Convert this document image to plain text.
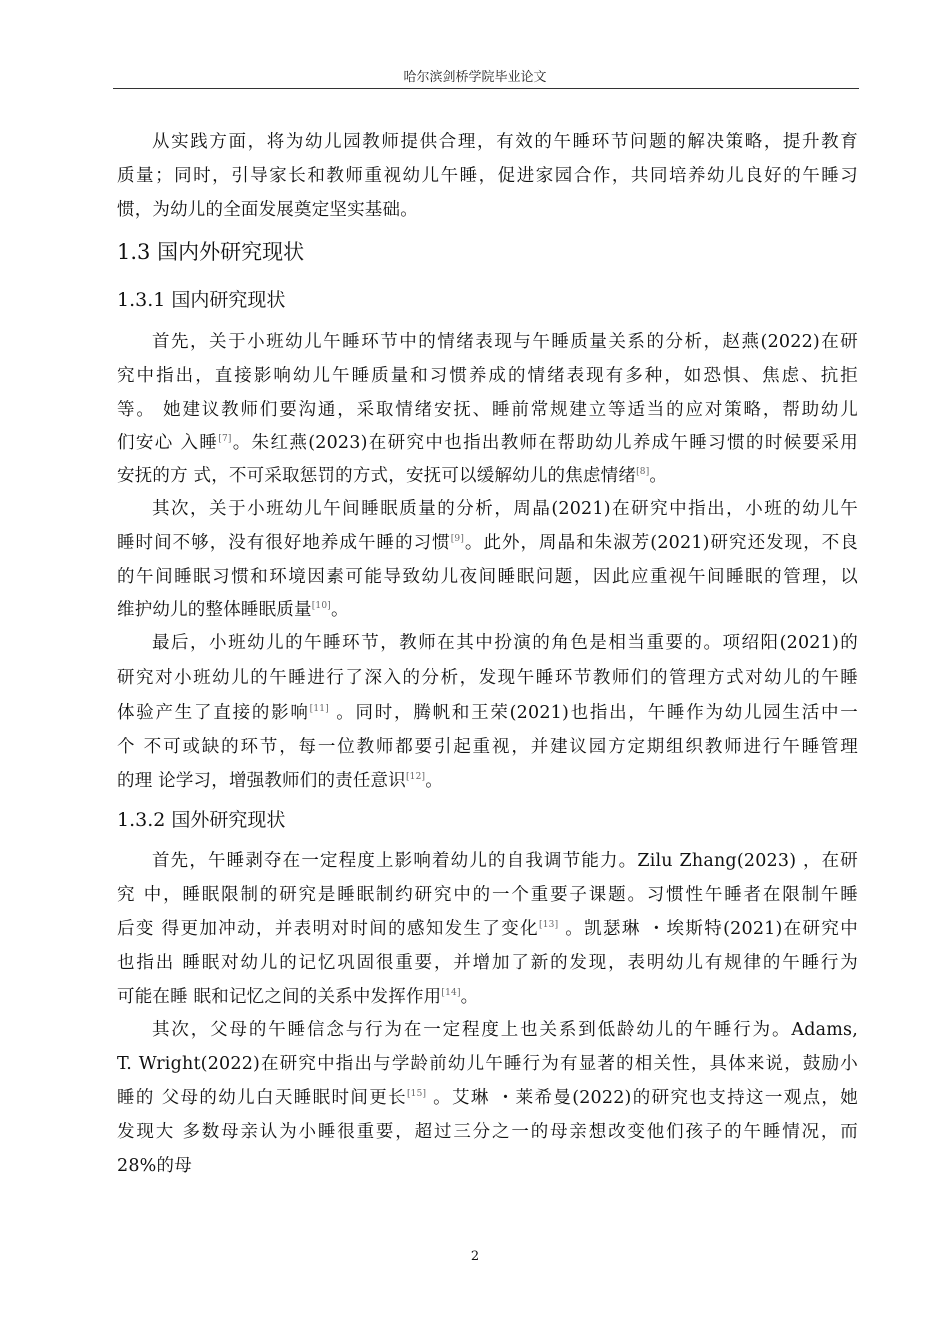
哈尔滨剑桥学院毕业论文
从实践方面，将为幼儿园教师提供合理，有效的午睡环节问题的解决策略，提升教育
质量；同时，引导家长和教师重视幼儿午睡，促进家园合作，共同培养幼儿良好的午睡习
惯，为幼儿的全面发展奠定坚实基础。
1.3 国内外研究现状
1.3.1 国内研究现状
首先，关于小班幼儿午睡环节中的情绪表现与午睡质量关系的分析，赵燕(2022)在研
究中指出，直接影响幼儿午睡质量和习惯养成的情绪表现有多种，如恐惧、焦虑、抗拒
等。 她建议教师们要沟通，采取情绪安抚、睡前常规建立等适当的应对策略，帮助幼儿
们安心 入睡[7]。朱红燕(2023)在研究中也指出教师在帮助幼儿养成午睡习惯的时候要采用
安抚的方 式，不可采取惩罚的方式，安抚可以缓解幼儿的焦虑情绪[8]。
其次，关于小班幼儿午间睡眠质量的分析，周晶(2021)在研究中指出，小班的幼儿午
睡时间不够，没有很好地养成午睡的习惯[9]。此外，周晶和朱淑芳(2021)研究还发现，不良
的午间睡眠习惯和环境因素可能导致幼儿夜间睡眠问题，因此应重视午间睡眠的管理，以
维护幼儿的整体睡眠质量[10]。
最后，小班幼儿的午睡环节，教师在其中扮演的角色是相当重要的。项绍阳(2021)的
研究对小班幼儿的午睡进行了深入的分析，发现午睡环节教师们的管理方式对幼儿的午睡
体验产生了直接的影响[11] 。同时，腾帆和王荣(2021)也指出，午睡作为幼儿园生活中一
个 不可或缺的环节，每一位教师都要引起重视，并建议园方定期组织教师进行午睡管理
的理 论学习，增强教师们的责任意识[12]。
1.3.2 国外研究现状
首先，午睡剥夺在一定程度上影响着幼儿的自我调节能力。Zilu Zhang(2023) ，在研
究 中，睡眠限制的研究是睡眠制约研究中的一个重要子课题。习惯性午睡者在限制午睡
后变 得更加冲动，并表明对时间的感知发生了变化[13] 。凯瑟琳 ・埃斯特(2021)在研究中
也指出 睡眠对幼儿的记忆巩固很重要，并增加了新的发现，表明幼儿有规律的午睡行为
可能在睡 眠和记忆之间的关系中发挥作用[14]。
其次，父母的午睡信念与行为在一定程度上也关系到低龄幼儿的午睡行为。Adams,
T. Wright(2022)在研究中指出与学龄前幼儿午睡行为有显著的相关性，具体来说，鼓励小
睡的 父母的幼儿白天睡眠时间更长[15] 。艾琳 ・莱希曼(2022)的研究也支持这一观点，她
发现大 多数母亲认为小睡很重要，超过三分之一的母亲想改变他们孩子的午睡情况，而
28%的母
2
